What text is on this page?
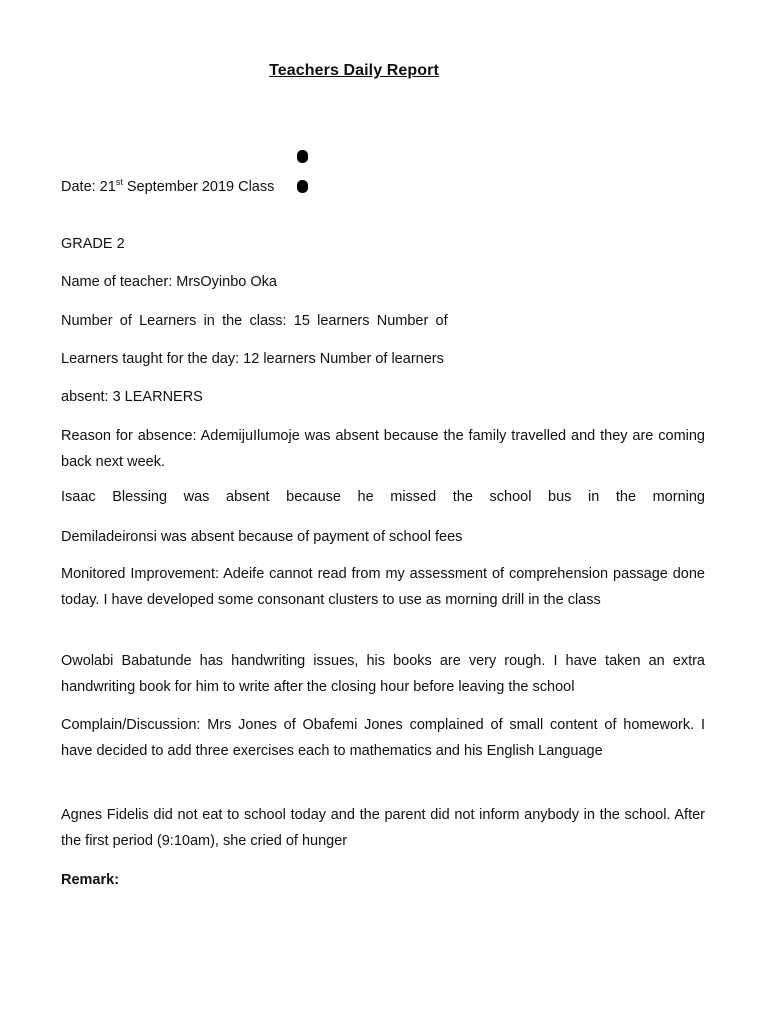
Teachers Daily Report
Date: 21st September 2019 Class
GRADE 2
Name of teacher: MrsOyinbo Oka
Number of Learners in the class: 15 learners Number of
Learners taught for the day: 12 learners Number of learners
absent: 3 LEARNERS
Reason for absence: AdemijuIlumoje was absent because the family travelled and they are coming back next week.
Isaac Blessing was absent because he missed the school bus in the morning
Demiladeironsi was absent because of payment of school fees
Monitored Improvement: Adeife cannot read from my assessment of comprehension passage done today. I have developed some consonant clusters to use as morning drill in the class
Owolabi Babatunde has handwriting issues, his books are very rough. I have taken an extra handwriting book for him to write after the closing hour before leaving the school
Complain/Discussion: Mrs Jones of Obafemi Jones complained of small content of homework. I have decided to add three exercises each to mathematics and his English Language
Agnes Fidelis did not eat to school today and the parent did not inform anybody in the school. After the first period (9:10am), she cried of hunger
Remark:
